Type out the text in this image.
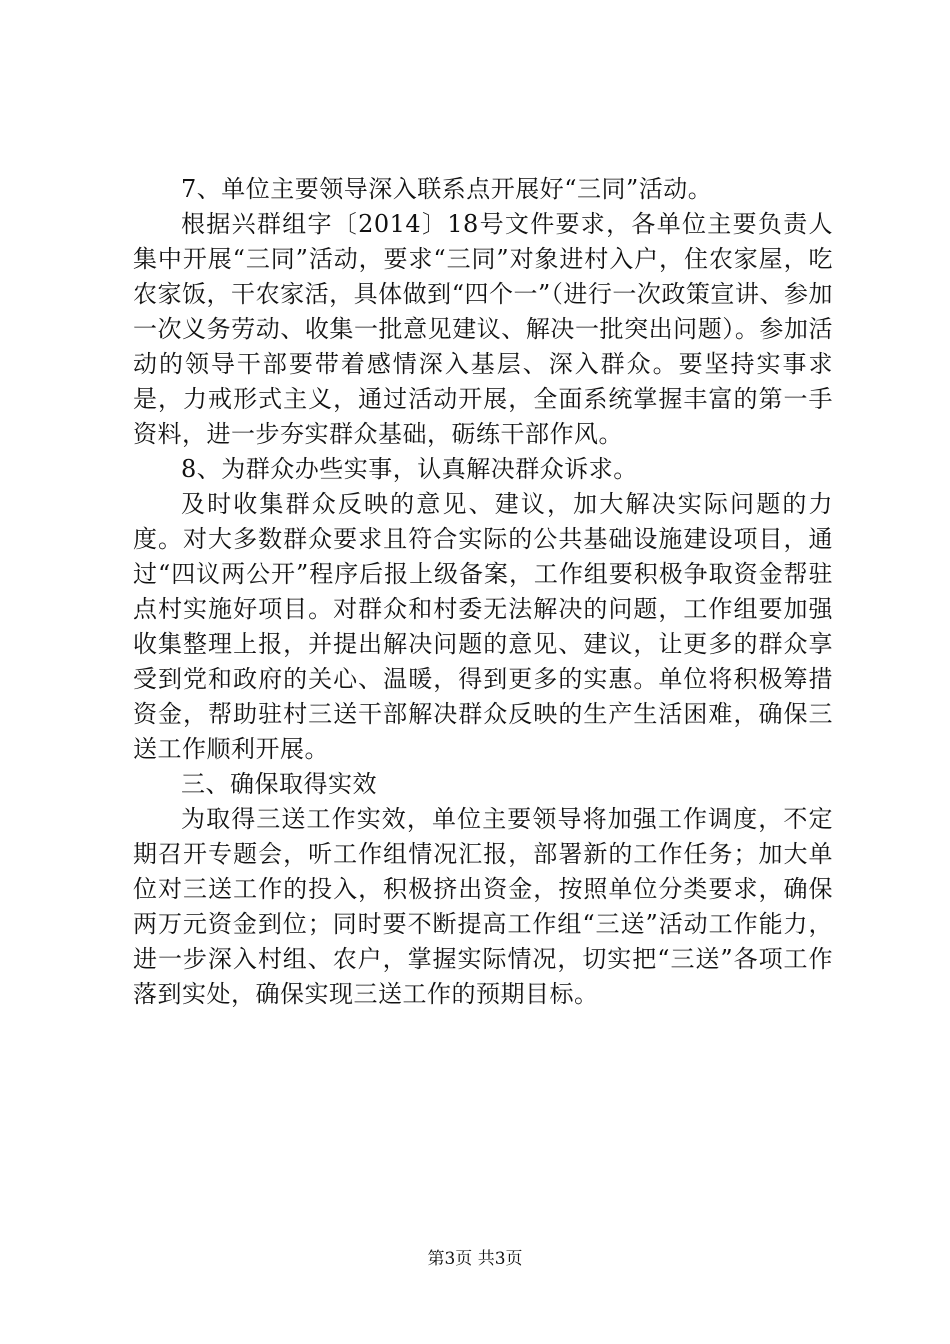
7、单位主要领导深入联系点开展好“三同”活动。

根据兴群组字〔2014〕18号文件要求，各单位主要负责人集中开展“三同”活动，要求“三同”对象进村入户，住农家屋，吃农家饭，干农家活，具体做到“四个一”（进行一次政策宣讲、参加一次义务劳动、收集一批意见建议、解决一批突出问题）。参加活动的领导干部要带着感情深入基层、深入群众。要坚持实事求是，力戒形式主义，通过活动开展，全面系统掌握丰富的第一手资料，进一步夯实群众基础，砺练干部作风。

8、为群众办些实事，认真解决群众诉求。

及时收集群众反映的意见、建议，加大解决实际问题的力度。对大多数群众要求且符合实际的公共基础设施建设项目，通过“四议两公开”程序后报上级备案，工作组要积极争取资金帮驻点村实施好项目。对群众和村委无法解决的问题，工作组要加强收集整理上报，并提出解决问题的意见、建议，让更多的群众享受到党和政府的关心、温暖，得到更多的实惠。单位将积极筹措资金，帮助驻村三送干部解决群众反映的生产生活困难，确保三送工作顺利开展。

三、确保取得实效

为取得三送工作实效，单位主要领导将加强工作调度，不定期召开专题会，听工作组情况汇报，部署新的工作任务；加大单位对三送工作的投入，积极挤出资金，按照单位分类要求，确保两万元资金到位；同时要不断提高工作组“三送”活动工作能力，进一步深入村组、农户，掌握实际情况，切实把“三送”各项工作落到实处，确保实现三送工作的预期目标。

第3页 共3页
